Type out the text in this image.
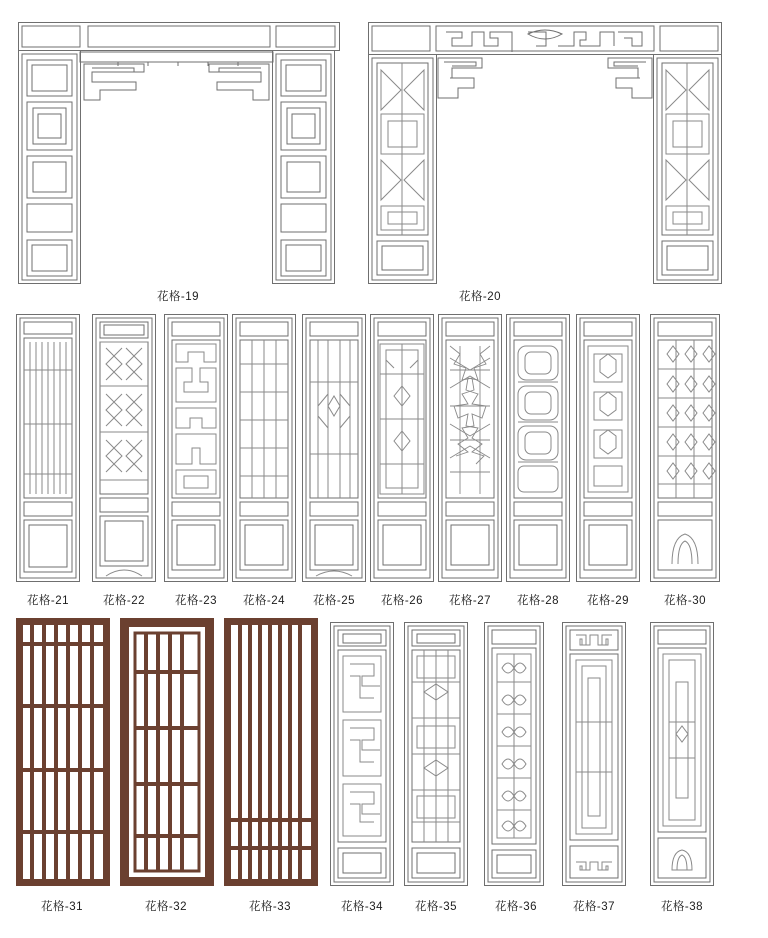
花格-19	花格-20
花格-21	花格-22	花格-23	花格-24	花格-25	花格-26	花格-27	花格-28	花格-29	花格-30
花格-31	花格-32	花格-33	花格-34	花格-35	花格-36	花格-37	花格-38
